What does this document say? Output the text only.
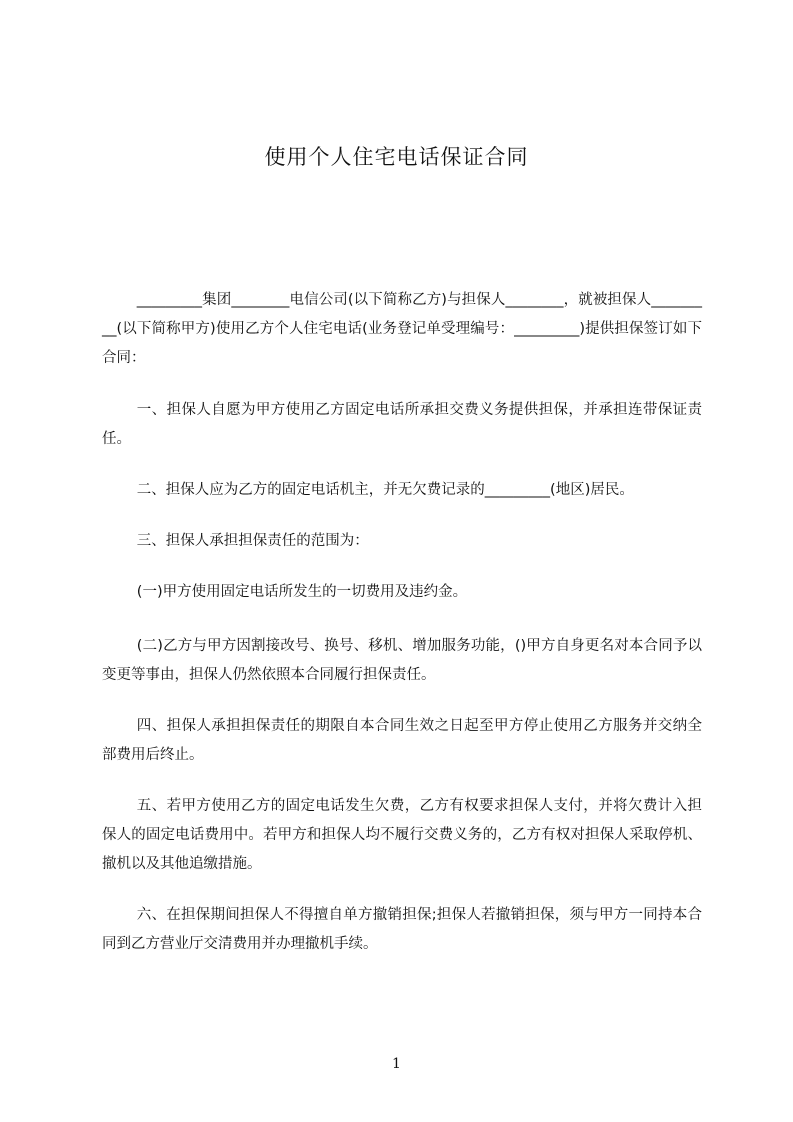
使用个人住宅电话保证合同
_________集团________电信公司(以下简称乙方)与担保人________，就被担保人_________(以下简称甲方)使用乙方个人住宅电话(业务登记单受理编号：_________)提供担保签订如下合同：
一、担保人自愿为甲方使用乙方固定电话所承担交费义务提供担保，并承担连带保证责任。
二、担保人应为乙方的固定电话机主，并无欠费记录的_________(地区)居民。
三、担保人承担担保责任的范围为：
(一)甲方使用固定电话所发生的一切费用及违约金。
(二)乙方与甲方因割接改号、换号、移机、增加服务功能，()甲方自身更名对本合同予以变更等事由，担保人仍然依照本合同履行担保责任。
四、担保人承担担保责任的期限自本合同生效之日起至甲方停止使用乙方服务并交纳全部费用后终止。
五、若甲方使用乙方的固定电话发生欠费，乙方有权要求担保人支付，并将欠费计入担保人的固定电话费用中。若甲方和担保人均不履行交费义务的，乙方有权对担保人采取停机、撤机以及其他追缴措施。
六、在担保期间担保人不得擅自单方撤销担保;担保人若撤销担保，须与甲方一同持本合同到乙方营业厅交清费用并办理撤机手续。
1
